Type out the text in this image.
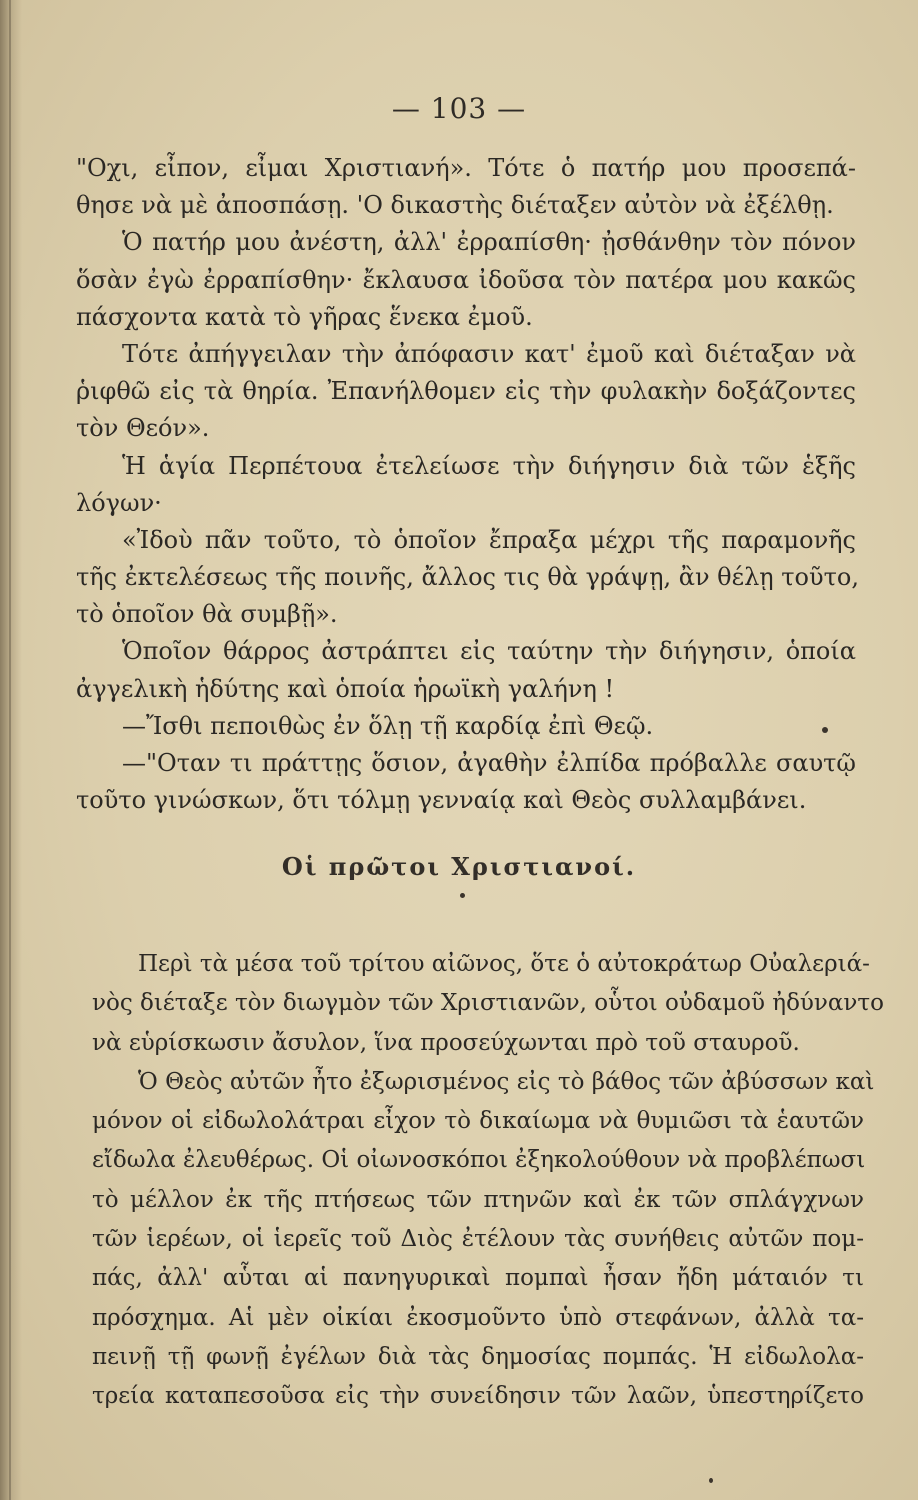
— 103 —
"Οχι, εἶπον, εἶμαι Χριστιανή». Τότε ὁ πατήρ μου προσεπά-
θησε νὰ μὲ ἀποσπάσῃ. 'Ο δικαστὴς διέταξεν αὐτὸν νὰ ἐξέλθῃ.
Ὁ πατήρ μου ἀνέστη, ἀλλ' ἐρραπίσθη· ᾐσθάνθην τὸν πόνον
ὅσὰν ἐγὼ ἐρραπίσθην· ἔκλαυσα ἰδοῦσα τὸν πατέρα μου κακῶς
πάσχοντα κατὰ τὸ γῆρας ἕνεκα ἐμοῦ.
Τότε ἀπήγγειλαν τὴν ἀπόφασιν κατ' ἐμοῦ καὶ διέταξαν νὰ
ῥιφθῶ εἰς τὰ θηρία. Ἐπανήλθομεν εἰς τὴν φυλακὴν δοξάζοντες
τὸν Θεόν».
Ἡ ἁγία Περπέτουα ἐτελείωσε τὴν διήγησιν διὰ τῶν ἑξῆς
λόγων·
«Ἰδοὺ πᾶν τοῦτο, τὸ ὁποῖον ἔπραξα μέχρι τῆς παραμονῆς
τῆς ἐκτελέσεως τῆς ποινῆς, ἄλλος τις θὰ γράψῃ, ἂν θέλῃ τοῦτο,
τὸ ὁποῖον θὰ συμβῇ».
Ὁποῖον θάρρος ἀστράπτει εἰς ταύτην τὴν διήγησιν, ὁποία
ἀγγελικὴ ἡδύτης καὶ ὁποία ἡρωϊκὴ γαλήνη !
—Ἴσθι πεποιθὼς ἐν ὅλῃ τῇ καρδίᾳ ἐπὶ Θεῷ.
—"Οταν τι πράττῃς ὅσιον, ἀγαθὴν ἐλπίδα πρόβαλλε σαυτῷ
τοῦτο γινώσκων, ὅτι τόλμῃ γενναίᾳ καὶ Θεὸς συλλαμβάνει.
Οἱ πρῶτοι Χριστιανοί.
Περὶ τὰ μέσα τοῦ τρίτου αἰῶνος, ὅτε ὁ αὐτοκράτωρ Οὐαλεριά-
νὸς διέταξε τὸν διωγμὸν τῶν Χριστιανῶν, οὗτοι οὐδαμοῦ ἠδύναντο
νὰ εὑρίσκωσιν ἄσυλον, ἵνα προσεύχωνται πρὸ τοῦ σταυροῦ.
Ὁ Θεὸς αὐτῶν ἦτο ἐξωρισμένος εἰς τὸ βάθος τῶν ἀβύσσων καὶ
μόνον οἱ εἰδωλολάτραι εἶχον τὸ δικαίωμα νὰ θυμιῶσι τὰ ἑαυτῶν
εἴδωλα ἐλευθέρως. Οἱ οἰωνοσκόποι ἐξηκολούθουν νὰ προβλέπωσι
τὸ μέλλον ἐκ τῆς πτήσεως τῶν πτηνῶν καὶ ἐκ τῶν σπλάγχνων
τῶν ἱερέων, οἱ ἱερεῖς τοῦ Διὸς ἐτέλουν τὰς συνήθεις αὐτῶν πομ-
πάς, ἀλλ' αὗται αἱ πανηγυρικαὶ πομπαὶ ἦσαν ἤδη μάταιόν τι
πρόσχημα. Αἱ μὲν οἰκίαι ἐκοσμοῦντο ὑπὸ στεφάνων, ἀλλὰ τα-
πεινῇ τῇ φωνῇ ἐγέλων διὰ τὰς δημοσίας πομπάς. Ἡ εἰδωλολα-
τρεία καταπεσοῦσα εἰς τὴν συνείδησιν τῶν λαῶν, ὑπεστηρίζετο
